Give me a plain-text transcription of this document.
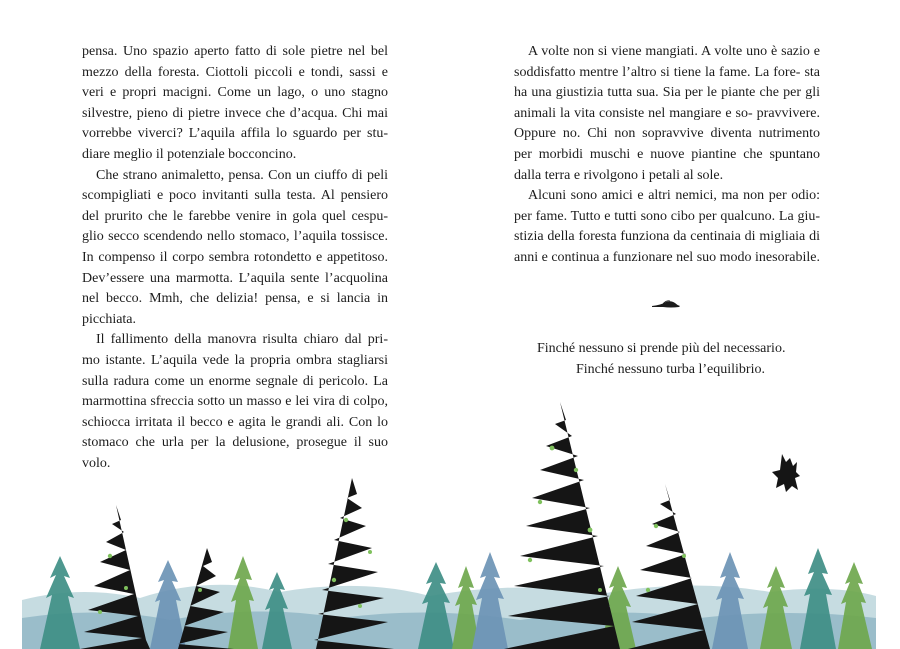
pensa. Uno spazio aperto fatto di sole pietre nel bel mezzo della foresta. Ciottoli piccoli e tondi, sassi e veri e propri macigni. Come un lago, o uno stagno silvestre, pieno di pietre invece che d’acqua. Chi mai vorrebbe viverci? L’aquila affila lo sguardo per stu- diare meglio il potenziale bocconcino.

Che strano animaletto, pensa. Con un ciuffo di peli scompigliati e poco invitanti sulla testa. Al pensiero del prurito che le farebbe venire in gola quel cespu- glio secco scendendo nello stomaco, l’aquila tossisce. In compenso il corpo sembra rotondetto e appetitoso. Dev’essere una marmotta. L’aquila sente l’acquolina nel becco. Mmh, che delizia! pensa, e si lancia in picchiata.

Il fallimento della manovra risulta chiaro dal pri- mo istante. L’aquila vede la propria ombra stagliarsi sulla radura come un enorme segnale di pericolo. La marmottina sfreccia sotto un masso e lei vira di colpo, schiocca irritata il becco e agita le grandi ali. Con lo stomaco che urla per la delusione, prosegue il suo volo.

A volte non si viene mangiati. A volte uno è sazio e soddisfatto mentre l’altro si tiene la fame. La fore- sta ha una giustizia tutta sua. Sia per le piante che per gli animali la vita consiste nel mangiare e so- pravvivere. Oppure no. Chi non sopravvive diventa nutrimento per morbidi muschi e nuove piantine che spuntano dalla terra e rivolgono i petali al sole.

Alcuni sono amici e altri nemici, ma non per odio: per fame. Tutto e tutti sono cibo per qualcuno. La giu- stizia della foresta funziona da centinaia di migliaia di anni e continua a funzionare nel suo modo inesorabile.

Finché nessuno si prende più del necessario.
Finché nessuno turba l’equilibrio.
